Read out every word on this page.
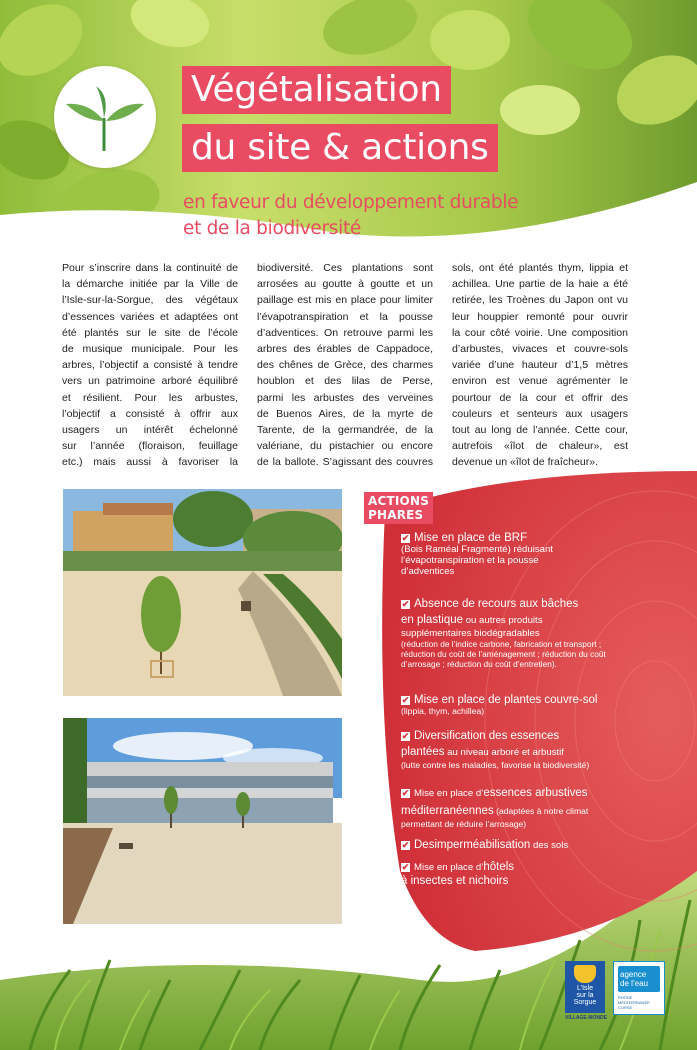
Végétalisation
du site & actions
en faveur du développement durable
et de la biodiversité
Pour s’inscrire dans la continuité de
la démarche initiée par la Ville de
l’Isle-sur-la-Sorgue, des végétaux
d’essences variées et adaptées ont
été plantés sur le site de l’école
de musique municipale. Pour les
arbres, l’objectif a consisté à tendre
vers un patrimoine arboré équilibré
et résilient. Pour les arbustes,
l’objectif a consisté à offrir aux
usagers un intérêt échelonné
sur l’année (floraison, feuillage
etc.) mais aussi à favoriser la
biodiversité. Ces plantations sont
arrosées au goutte à goutte et un
paillage est mis en place pour limiter
l’évapotranspiration et la pousse
d’adventices. On retrouve parmi les
arbres des érables de Cappadoce,
des chênes de Grèce, des charmes
houblon et des lilas de Perse,
parmi les arbustes des verveines
de Buenos Aires, de la myrte de
Tarente, de la germandrée, de la
valériane, du pistachier ou encore
de la ballote. S’agissant des couvres
sols, ont été plantés thym, lippia et
achillea. Une partie de la haie a été
retirée, les Troènes du Japon ont vu
leur houppier remonté pour ouvrir
la cour côté voirie. Une composition
d’arbustes, vivaces et couvre-sols
variée d’une hauteur d’1,5 mètres
environ est venue agrémenter le
pourtour de la cour et offrir des
couleurs et senteurs aux usagers
tout au long de l’année. Cette cour,
autrefois «îlot de chaleur», est
devenue un «îlot de fraîcheur».
ACTIONS
PHARES
✔ Mise en place de BRF
(Bois Raméal Fragmenté) réduisant
l’évapotranspiration et la pousse
d’adventices
✔ Absence de recours aux bâches
en plastique ou autres produits
supplémentaires biodégradables
(réduction de l’indice carbone, fabrication et transport ;
réduction du coût de l’aménagement ; réduction du coût
d’arrosage ; réduction du coût d’entretien).
✔ Mise en place de plantes couvre-sol
(lippia, thym, achillea)
✔ Diversification des essences
plantées au niveau arboré et arbustif
(lutte contre les maladies, favorise la biodiversité)
✔ Mise en place d’essences arbustives
méditerranéennes (adaptées à notre climat
permettant de réduire l’arrosage)
✔ Desimperméabilisation des sols
✔ Mise en place d’hôtels
à insectes et nichoirs
L’Isle
sur la
Sorgue
VILLAGE-MONDE
agence
de l’eau
RHÔNE MÉDITERRANÉE CORSE
